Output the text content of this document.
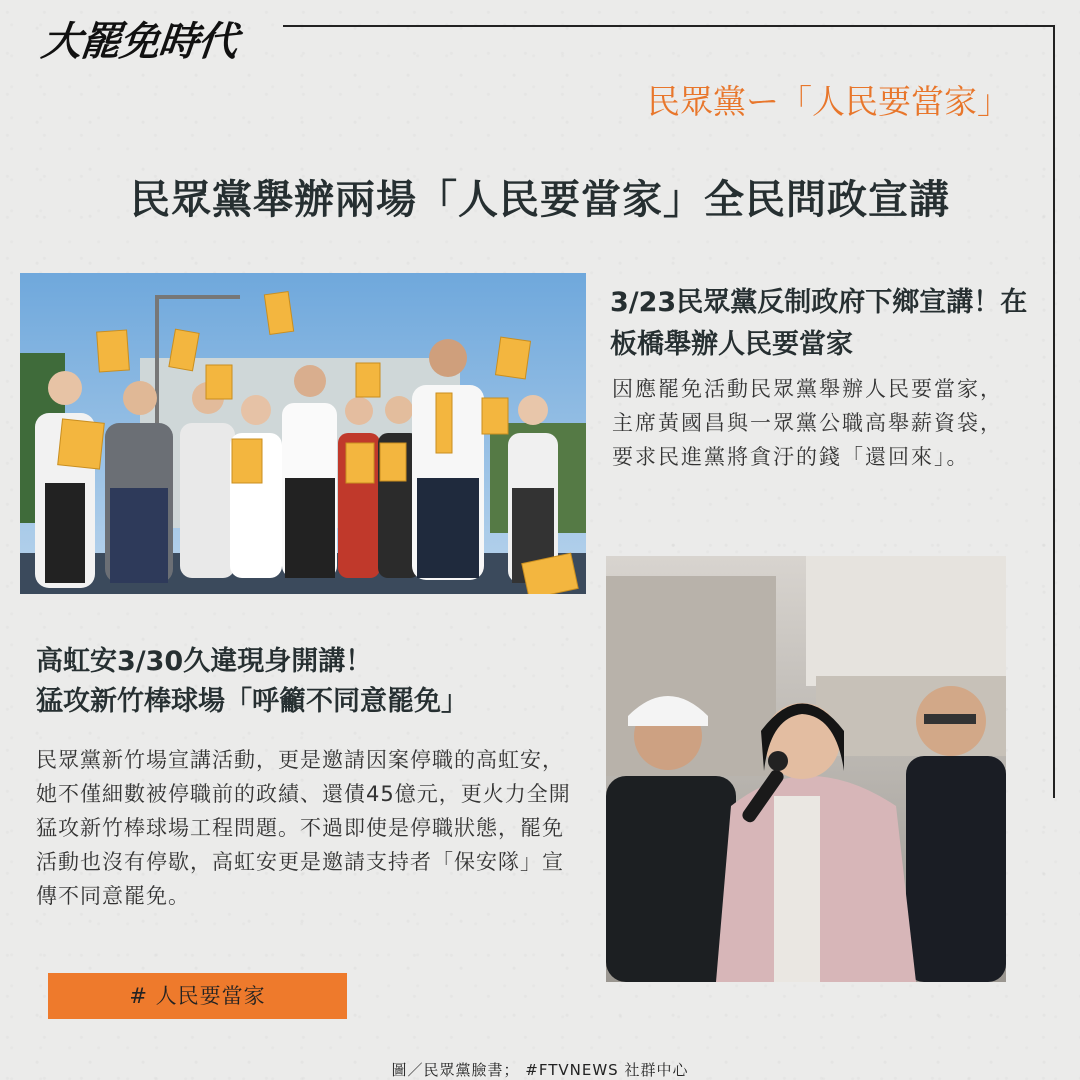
大罷免時代
民眾黨ー「人民要當家」
民眾黨舉辦兩場「人民要當家」全民問政宣講
3/23民眾黨反制政府下鄉宣講！在板橋舉辦人民要當家
因應罷免活動民眾黨舉辦人民要當家，主席黃國昌與一眾黨公職高舉薪資袋，要求民進黨將貪汙的錢「還回來」。
高虹安3/30久違現身開講！
猛攻新竹棒球場「呼籲不同意罷免」
民眾黨新竹場宣講活動，更是邀請因案停職的高虹安，她不僅細數被停職前的政績、還債45億元，更火力全開猛攻新竹棒球場工程問題。不過即使是停職狀態，罷免活動也沒有停歇，高虹安更是邀請支持者「保安隊」宣傳不同意罷免。
# 人民要當家
圖／民眾黨臉書； #FTVNEWS 社群中心
